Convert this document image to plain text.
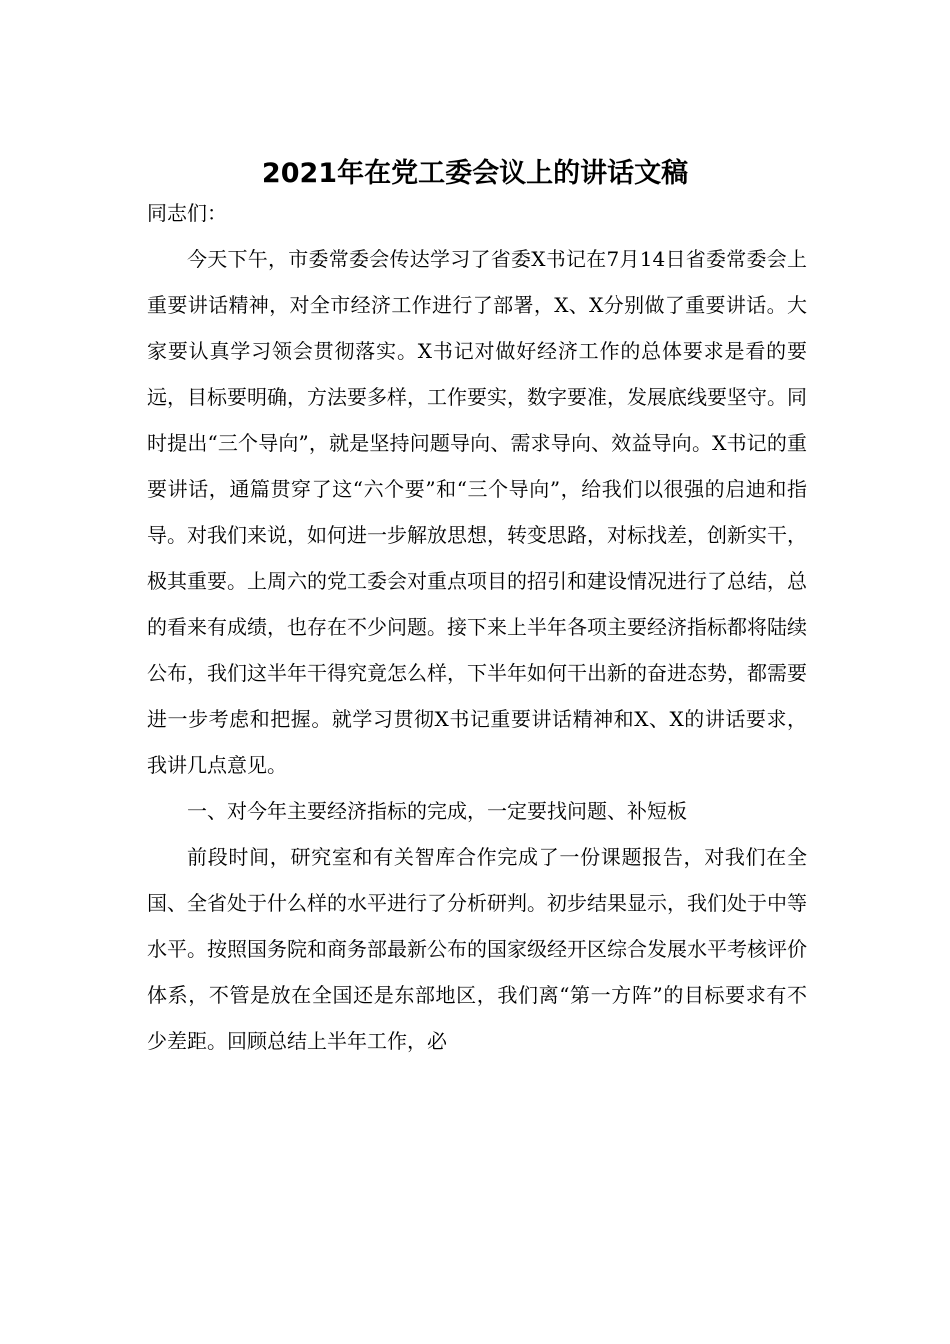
2021年在党工委会议上的讲话文稿

同志们：

今天下午，市委常委会传达学习了省委X书记在7月14日省委常委会上重要讲话精神，对全市经济工作进行了部署，X、X分别做了重要讲话。大家要认真学习领会贯彻落实。X书记对做好经济工作的总体要求是看的要远，目标要明确，方法要多样，工作要实，数字要准，发展底线要坚守。同时提出“三个导向”，就是坚持问题导向、需求导向、效益导向。X书记的重要讲话，通篇贯穿了这“六个要”和“三个导向”，给我们以很强的启迪和指导。对我们来说，如何进一步解放思想，转变思路，对标找差，创新实干，极其重要。上周六的党工委会对重点项目的招引和建设情况进行了总结，总的看来有成绩，也存在不少问题。接下来上半年各项主要经济指标都将陆续公布，我们这半年干得究竟怎么样，下半年如何干出新的奋进态势，都需要进一步考虑和把握。就学习贯彻X书记重要讲话精神和X、X的讲话要求，我讲几点意见。

一、对今年主要经济指标的完成，一定要找问题、补短板

前段时间，研究室和有关智库合作完成了一份课题报告，对我们在全国、全省处于什么样的水平进行了分析研判。初步结果显示，我们处于中等水平。按照国务院和商务部最新公布的国家级经开区综合发展水平考核评价体系，不管是放在全国还是东部地区，我们离“第一方阵”的目标要求有不少差距。回顾总结上半年工作，必
